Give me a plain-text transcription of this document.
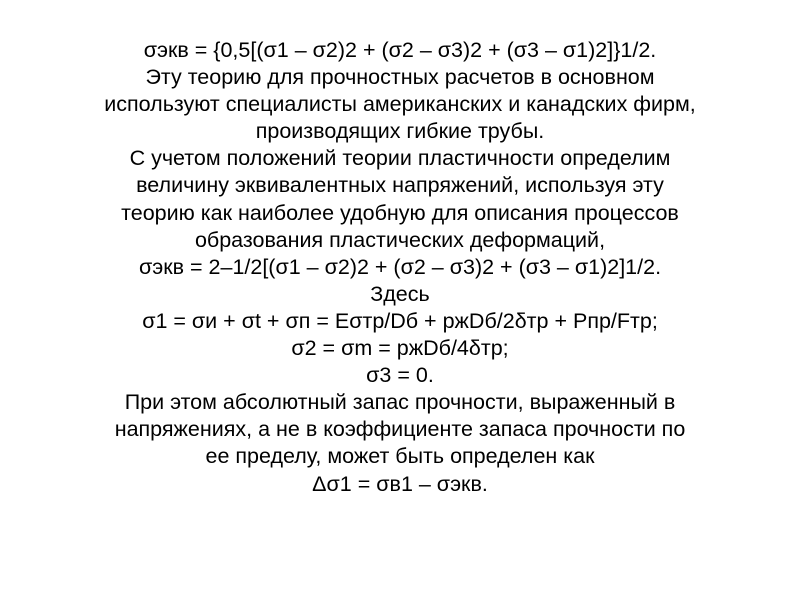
σэкв = {0,5[(σ1 – σ2)2 + (σ2 – σ3)2 + (σ3 – σ1)2]}1/2.
Эту теорию для прочностных расчетов в основном
используют специалисты американских и канадских фирм,
производящих гибкие трубы.
С учетом положений теории пластичности определим
величину эквивалентных напряжений, используя эту
теорию как наиболее удобную для описания процессов
образования пластических деформаций,
σэкв = 2–1/2[(σ1 – σ2)2 + (σ2 – σ3)2 + (σ3 – σ1)2]1/2.
Здесь
σ1 = σи + σt + σп = Eσтр/Dб + pжDб/2δтр + Pпр/Fтр;
σ2 = σm = pжDб/4δтр;
σ3 = 0.
При этом абсолютный запас прочности, выраженный в
напряжениях, а не в коэффициенте запаса прочности по
ее пределу, может быть определен как
Δσ1 = σв1 – σэкв.
